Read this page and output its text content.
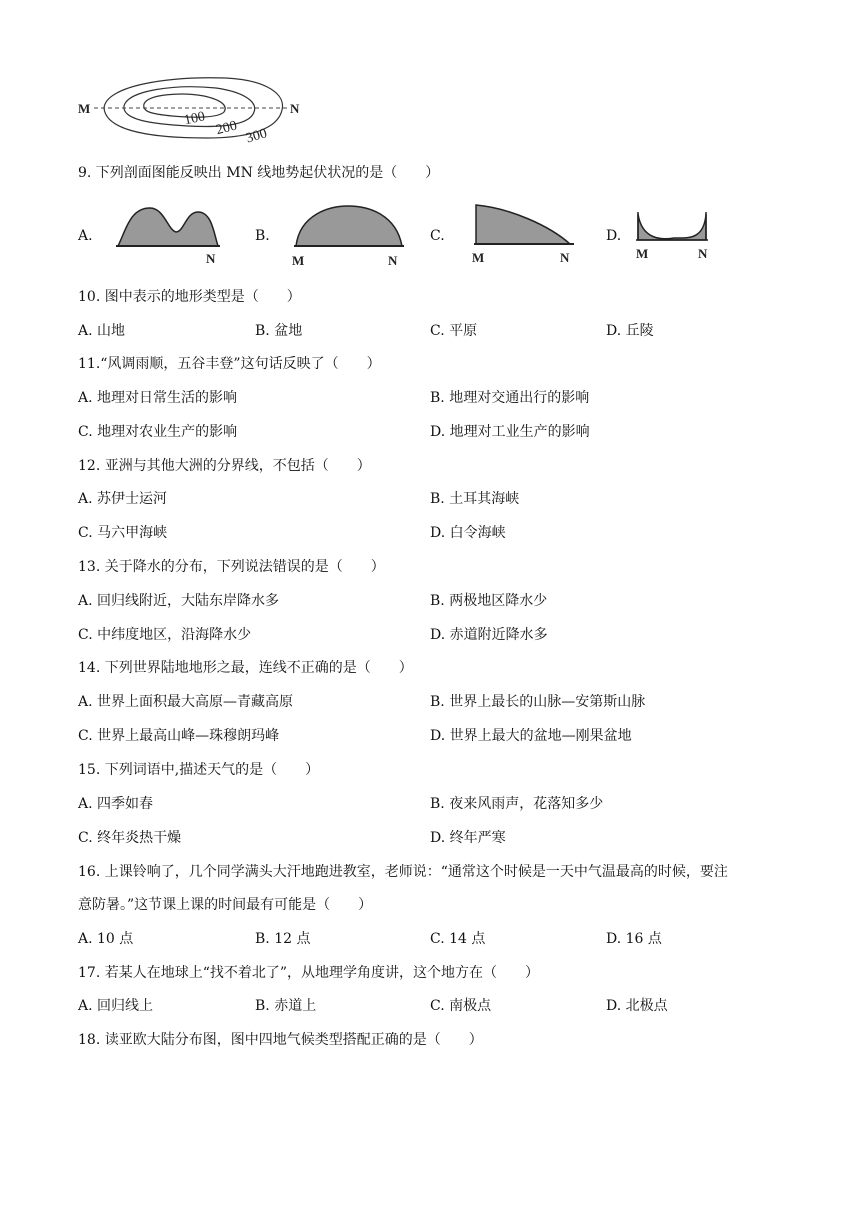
M	N
100 200 300
9. 下列剖面图能反映出 MN 线地势起伏状况的是（　　）
A.
N
B.
M	N
C.
M	N
D.
M	N
10. 图中表示的地形类型是（　　）
A. 山地	B. 盆地	C. 平原	D. 丘陵
11.“风调雨顺，五谷丰登”这句话反映了（　　）
A. 地理对日常生活的影响	B. 地理对交通出行的影响
C. 地理对农业生产的影响	D. 地理对工业生产的影响
12. 亚洲与其他大洲的分界线，不包括（　　）
A. 苏伊士运河	B. 土耳其海峡
C. 马六甲海峡	D. 白令海峡
13. 关于降水的分布，下列说法错误的是（　　）
A. 回归线附近，大陆东岸降水多	B. 两极地区降水少
C. 中纬度地区，沿海降水少	D. 赤道附近降水多
14. 下列世界陆地地形之最，连线不正确的是（　　）
A. 世界上面积最大高原—青藏高原	B. 世界上最长的山脉—安第斯山脉
C. 世界上最高山峰—珠穆朗玛峰	D. 世界上最大的盆地—刚果盆地
15. 下列词语中,描述天气的是（　　）
A. 四季如春	B. 夜来风雨声，花落知多少
C. 终年炎热干燥	D. 终年严寒
16. 上课铃响了，几个同学满头大汗地跑进教室，老师说：“通常这个时候是一天中气温最高的时候，要注
意防暑。”这节课上课的时间最有可能是（　　）
A. 10 点	B. 12 点	C. 14 点	D. 16 点
17. 若某人在地球上“找不着北了”，从地理学角度讲，这个地方在（　　）
A. 回归线上	B. 赤道上	C. 南极点	D. 北极点
18. 读亚欧大陆分布图，图中四地气候类型搭配正确的是（　　）
